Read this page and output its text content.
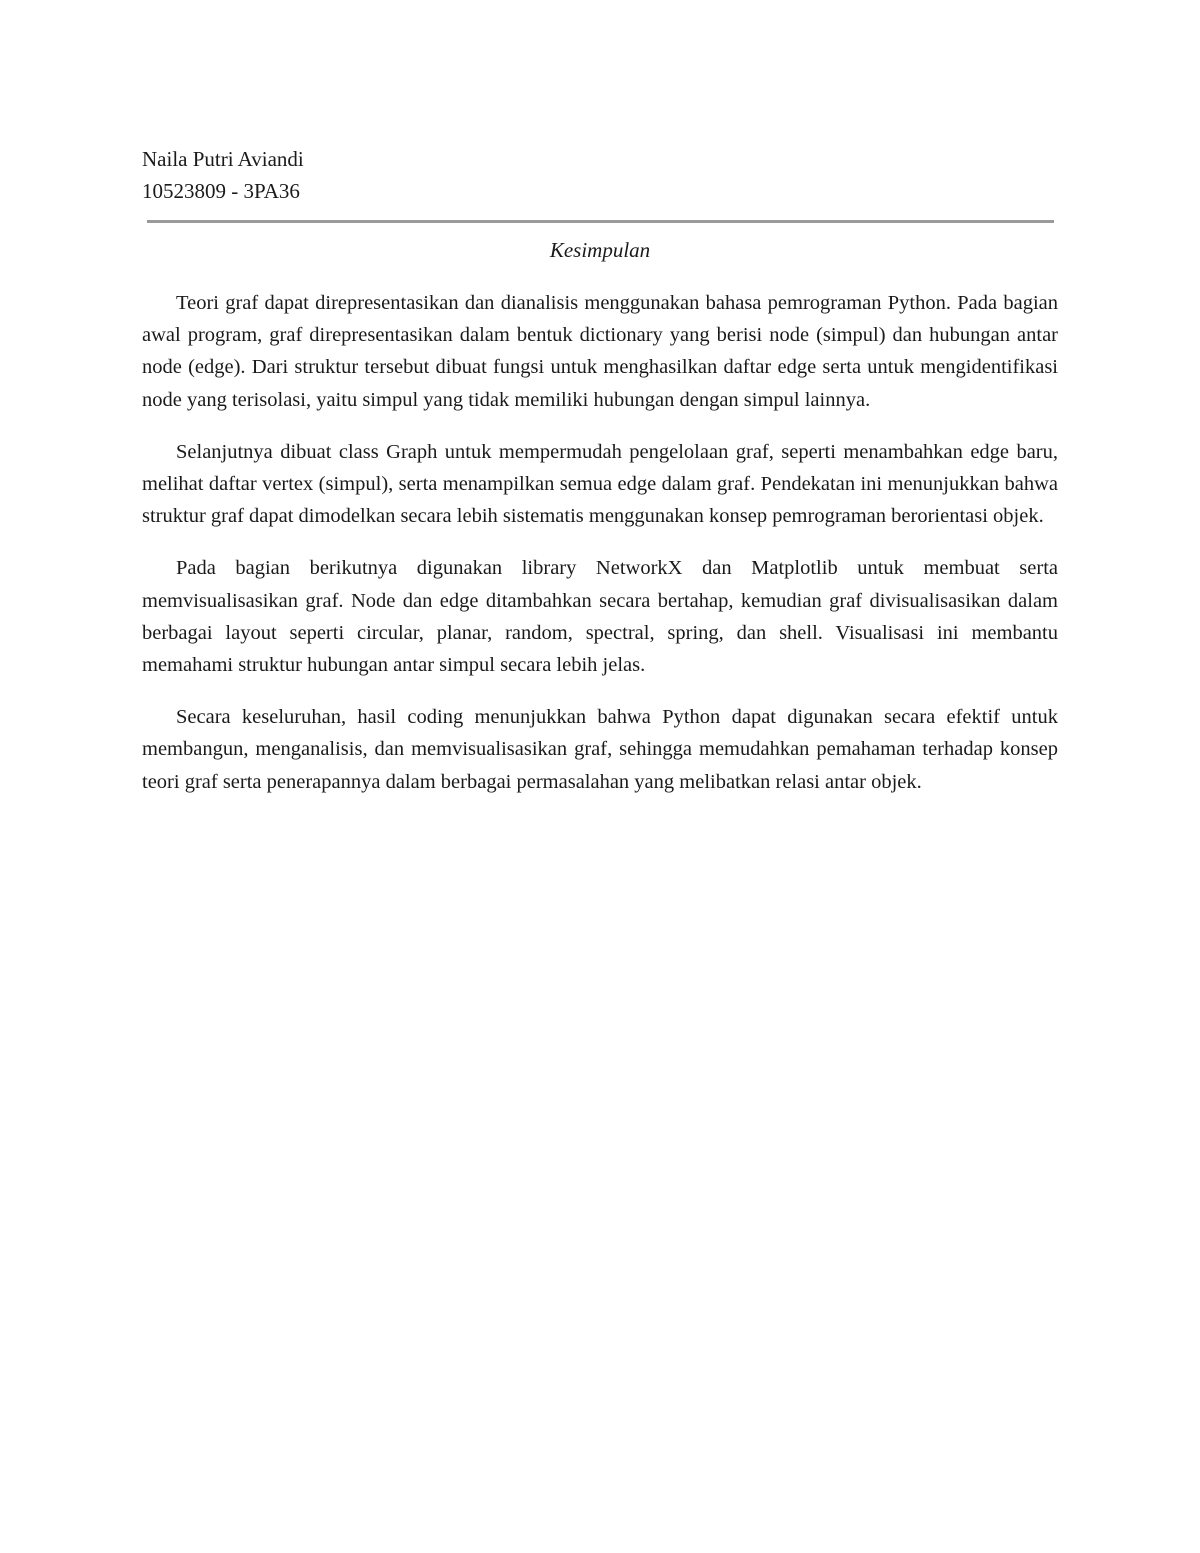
Naila Putri Aviandi
10523809 - 3PA36
Kesimpulan

Teori graf dapat direpresentasikan dan dianalisis menggunakan bahasa pemrograman Python. Pada bagian awal program, graf direpresentasikan dalam bentuk dictionary yang berisi node (simpul) dan hubungan antar node (edge). Dari struktur tersebut dibuat fungsi untuk menghasilkan daftar edge serta untuk mengidentifikasi node yang terisolasi, yaitu simpul yang tidak memiliki hubungan dengan simpul lainnya.

Selanjutnya dibuat class Graph untuk mempermudah pengelolaan graf, seperti menambahkan edge baru, melihat daftar vertex (simpul), serta menampilkan semua edge dalam graf. Pendekatan ini menunjukkan bahwa struktur graf dapat dimodelkan secara lebih sistematis menggunakan konsep pemrograman berorientasi objek.

Pada bagian berikutnya digunakan library NetworkX dan Matplotlib untuk membuat serta memvisualisasikan graf. Node dan edge ditambahkan secara bertahap, kemudian graf divisualisasikan dalam berbagai layout seperti circular, planar, random, spectral, spring, dan shell. Visualisasi ini membantu memahami struktur hubungan antar simpul secara lebih jelas.

Secara keseluruhan, hasil coding menunjukkan bahwa Python dapat digunakan secara efektif untuk membangun, menganalisis, dan memvisualisasikan graf, sehingga memudahkan pemahaman terhadap konsep teori graf serta penerapannya dalam berbagai permasalahan yang melibatkan relasi antar objek.
